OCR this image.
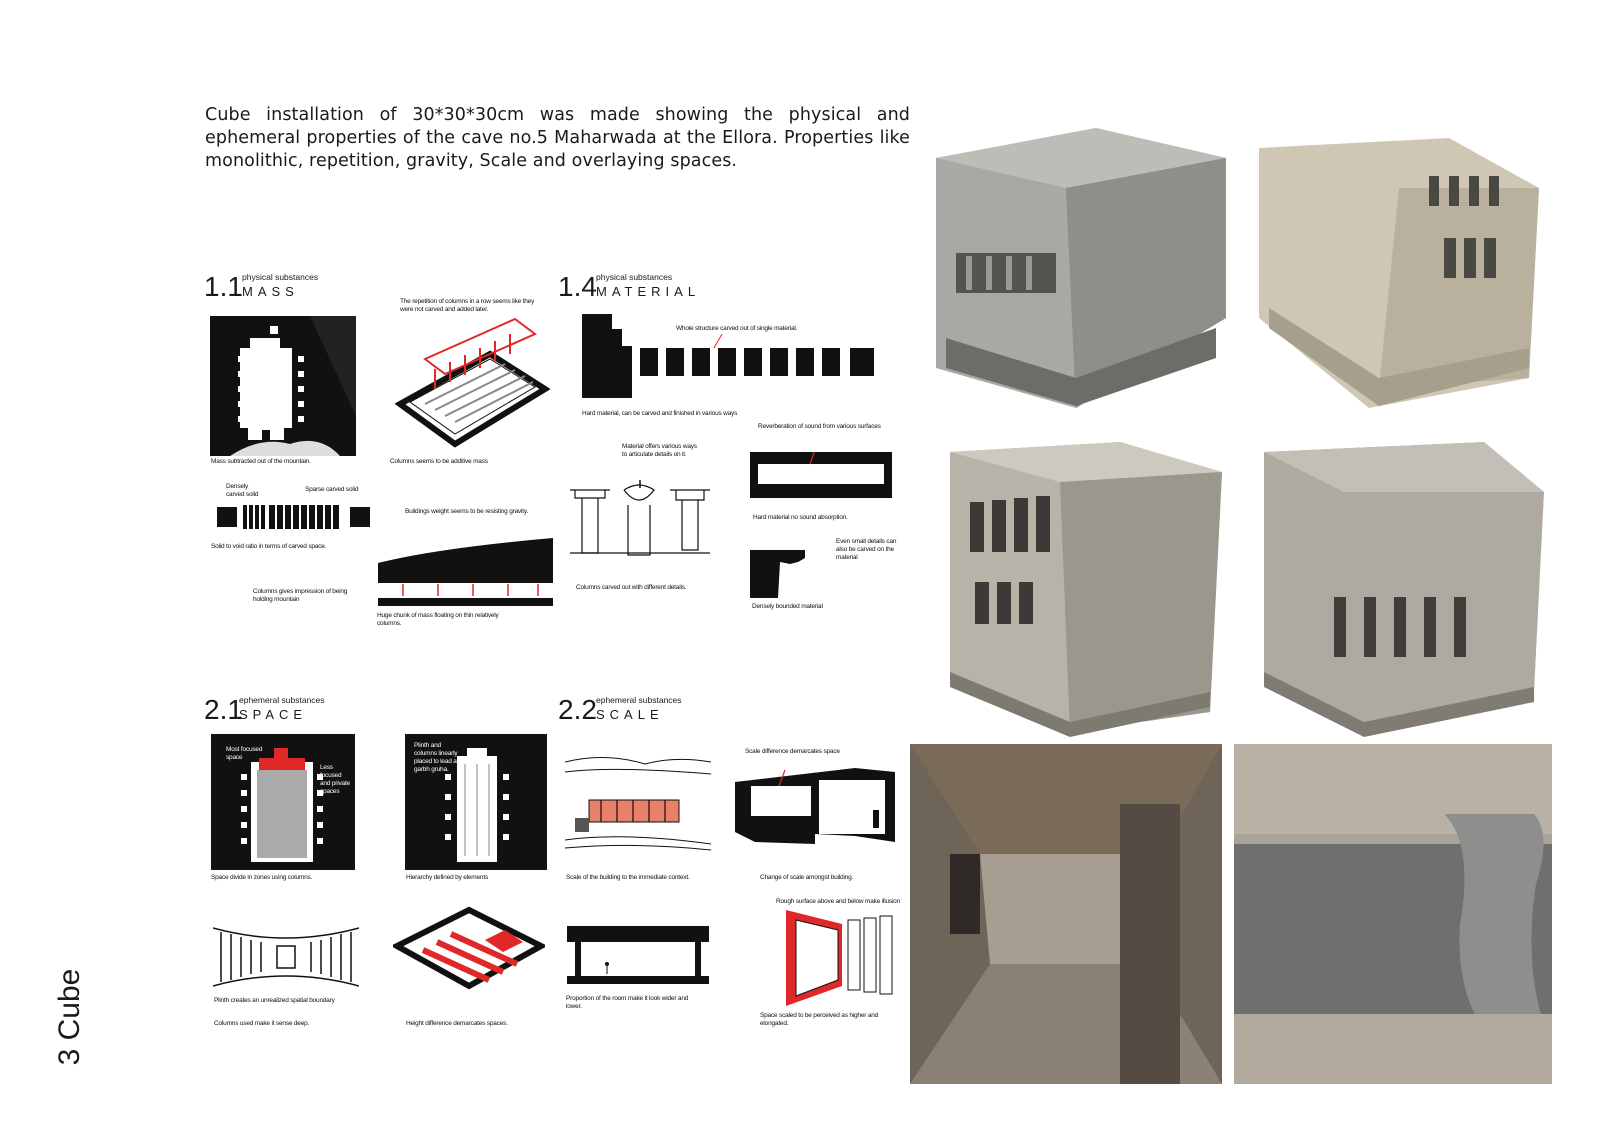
Cube installation of 30*30*30cm was made showing the physical and ephemeral properties of the cave no.5 Maharwada at the Ellora. Properties like monolithic, repetition, gravity, Scale and overlaying spaces.
1.1 physical substances
MASS	1.4 physical substances
MATERIAL
2.1
ephemeral substances
SPACE	2.2 ephemeral substances
SCALE
Mass subtracted out of the mountain.
The repetition of columns in a row seems like they were not carved and added later.
Columns seems to be additive mass
Densely carved solid
Sparse carved solid
Solid to void ratio in terms of carved space.
Buildings weight seems to be resisting gravity.
Columns gives impression of being holding mountain
Huge chunk of mass floating on thin relatively columns.
Whole structure carved out of single material.
Hard material, can be carved and finished in various ways
Reverberation of sound from various surfaces
Hard material no sound absorption.
Material offers various ways to articulate details on it.
Columns carved out with different details.
Even small details can also be carved on the material
Densely bounded material
Most focused space
Less focused and private spaces
Space divide in zones using columns.
Plinth and columns linearly placed to lead at garbh gruha.
Hierarchy defined by elements
Plinth creates an unrealized spatial boundary
Columns used make it sense deep.	Height difference demarcates spaces.
Scale of the building to the immediate context.
Scale difference demarcates space
Change of scale amongst building.
Proportion of the room make it look wider and lower.
Rough surface above and below make illusion
Space scaled to be perceived as higher and elongated.
3 Cube
